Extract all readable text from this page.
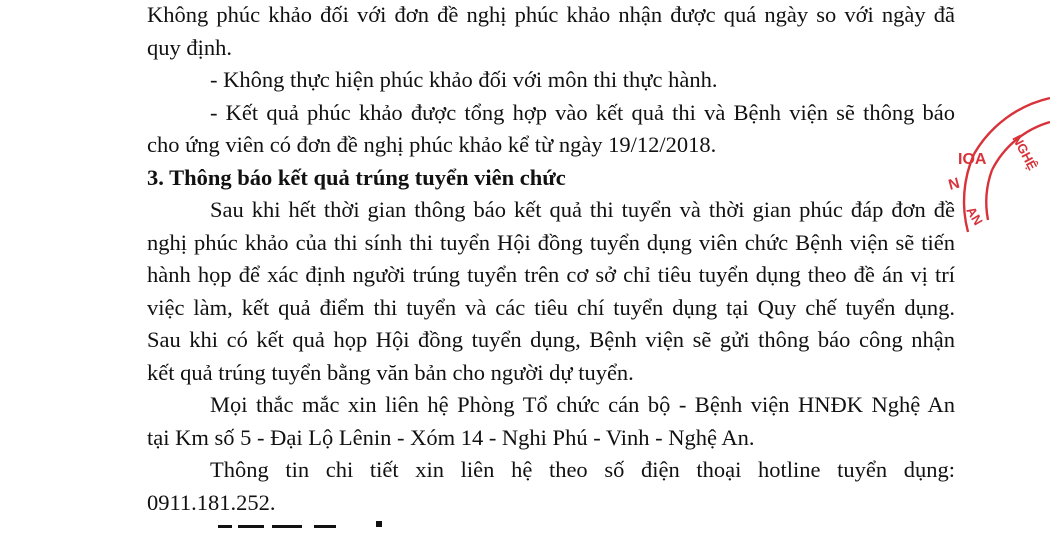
Không phúc khảo đối với đơn đề nghị phúc khảo nhận được quá ngày so với ngày đã
quy định.
- Không thực hiện phúc khảo đối với môn thi thực hành.
- Kết quả phúc khảo được tổng hợp vào kết quả thi và Bệnh viện sẽ thông báo
cho ứng viên có đơn đề nghị phúc khảo kể từ ngày 19/12/2018.
3. Thông báo kết quả trúng tuyển viên chức
Sau khi hết thời gian thông báo kết quả thi tuyển và thời gian phúc đáp đơn đề
nghị phúc khảo của thi sính thi tuyển Hội đồng tuyển dụng viên chức Bệnh viện sẽ tiến
hành họp để xác định người trúng tuyển trên cơ sở chỉ tiêu tuyển dụng theo đề án vị trí
việc làm, kết quả điểm thi tuyển và các tiêu chí tuyển dụng tại Quy chế tuyển dụng.
Sau khi có kết quả họp Hội đồng tuyển dụng, Bệnh viện sẽ gửi thông báo công nhận
kết quả trúng tuyển bằng văn bản cho người dự tuyển.
Mọi thắc mắc xin liên hệ Phòng Tổ chức cán bộ - Bệnh viện HNĐK Nghệ An
tại Km số 5 - Đại Lộ Lênin - Xóm 14 - Nghi Phú - Vinh - Nghệ An.
Thông tin chi tiết xin liên hệ theo số điện thoại hotline tuyển dụng:
0911.181.252.
NGHỆ
IOA
N
AN
